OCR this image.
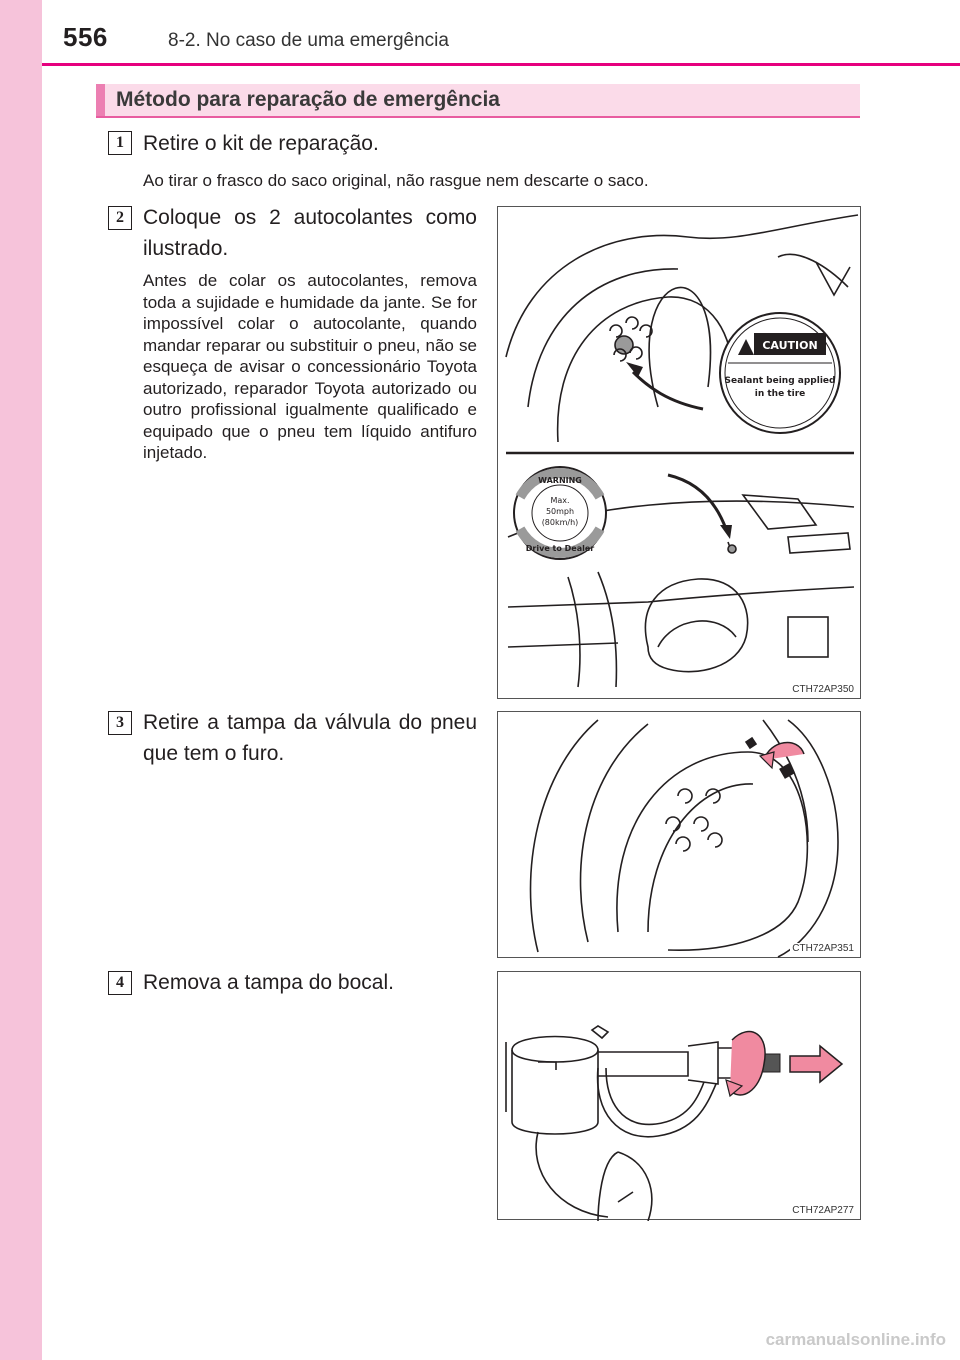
556	8-2. No caso de uma emergência
Método para reparação de emergência
1 Retire o kit de reparação.
Ao tirar o frasco do saco original, não rasgue nem descarte o saco.
2 Coloque os 2 autocolantes como ilustrado.
Antes de colar os autocolantes, remova toda a sujidade e humidade da jante. Se for impossível colar o autocolante, quando mandar reparar ou substituir o pneu, não se esqueça de avisar o concessionário Toyota autorizado, reparador Toyota autorizado ou outro profissional igualmente qualificado e equipado que o pneu tem líquido antifuro injetado.
CAUTION
Sealant being applied
in the tire
WARNING
Max.
50mph
(80km/h)
Drive to Dealer
CTH72AP350
3 Retire a tampa da válvula do pneu que tem o furo.
CTH72AP351
4 Remova a tampa do bocal.
CTH72AP277
carmanualsonline.info
